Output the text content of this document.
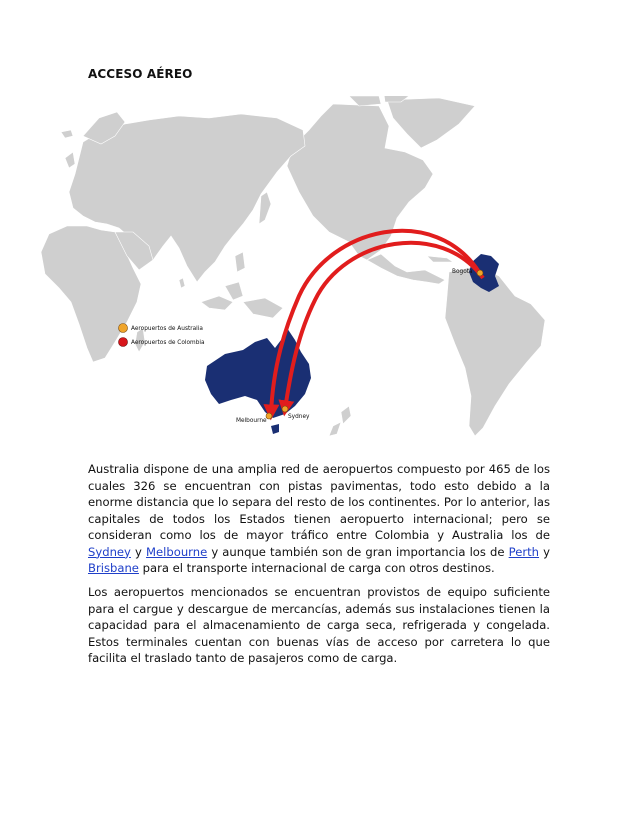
ACCESO AÉREO
Bogota
Sydney
Melbourne
Aeropuertos de Australia
Aeropuertos de Colombia

Australia dispone de una amplia red de aeropuertos compuesto por 465 de los cuales 326 se encuentran con pistas pavimentas, todo esto debido a la enorme distancia que lo separa del resto de los continentes. Por lo anterior, las capitales de todos los Estados tienen aeropuerto internacional; pero se consideran como los de mayor tráfico entre Colombia y Australia los de Sydney y Melbourne y aunque también son de gran importancia los de Perth y Brisbane para el transporte internacional de carga con otros destinos.

Los aeropuertos mencionados se encuentran provistos de equipo suficiente para el cargue y descargue de mercancías, además sus instalaciones tienen la capacidad para el almacenamiento de carga seca, refrigerada y congelada. Estos terminales cuentan con buenas vías de acceso por carretera lo que facilita el traslado tanto de pasajeros como de carga.
